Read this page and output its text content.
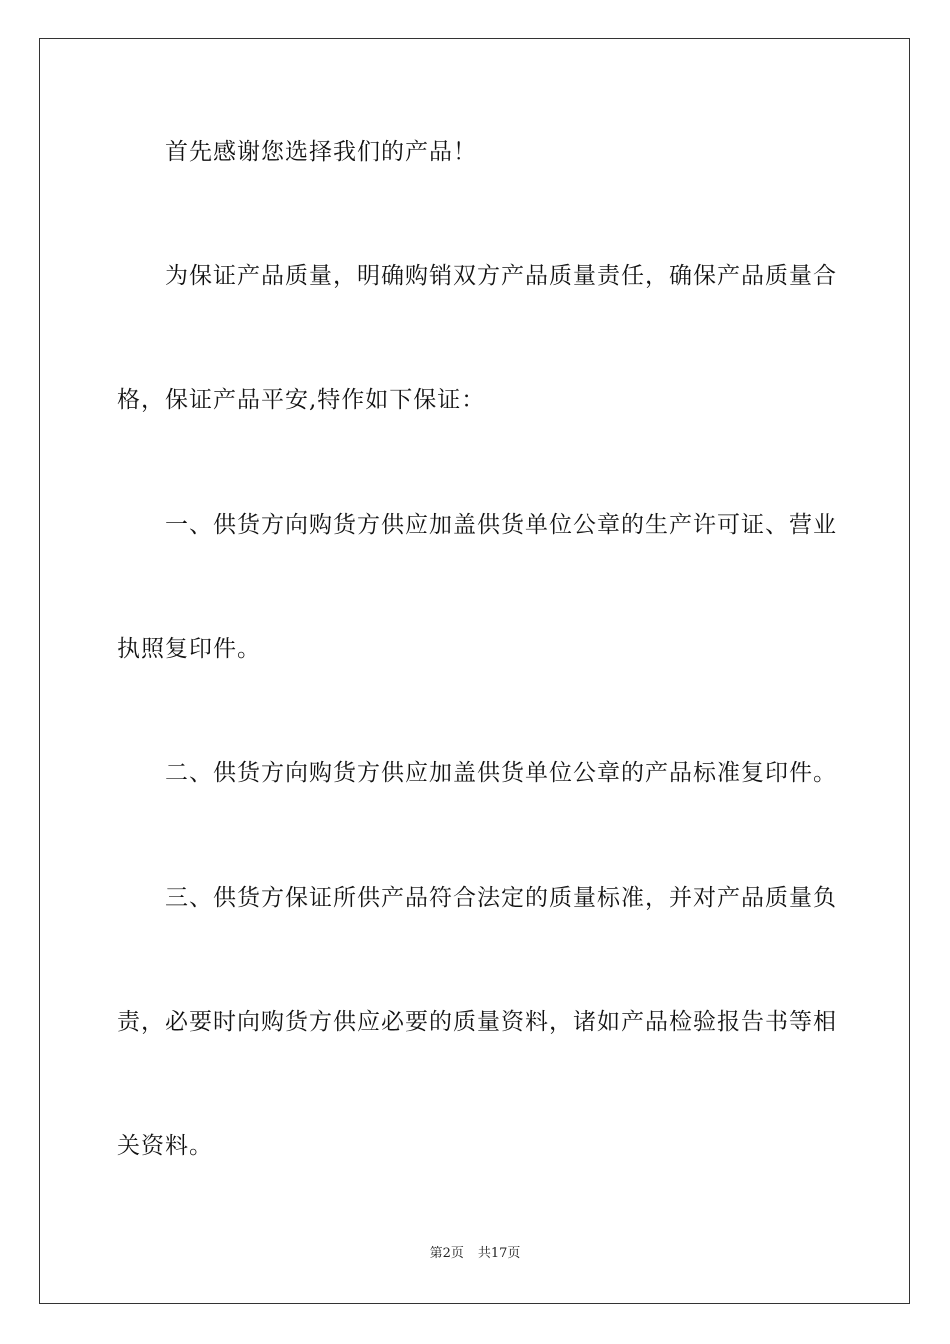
首先感谢您选择我们的产品！
为保证产品质量，明确购销双方产品质量责任，确保产品质量合
格，保证产品平安,特作如下保证：
一、供货方向购货方供应加盖供货单位公章的生产许可证、营业
执照复印件。
二、供货方向购货方供应加盖供货单位公章的产品标准复印件。
三、供货方保证所供产品符合法定的质量标准，并对产品质量负
责，必要时向购货方供应必要的质量资料，诸如产品检验报告书等相
关资料。
第2页 共17页
